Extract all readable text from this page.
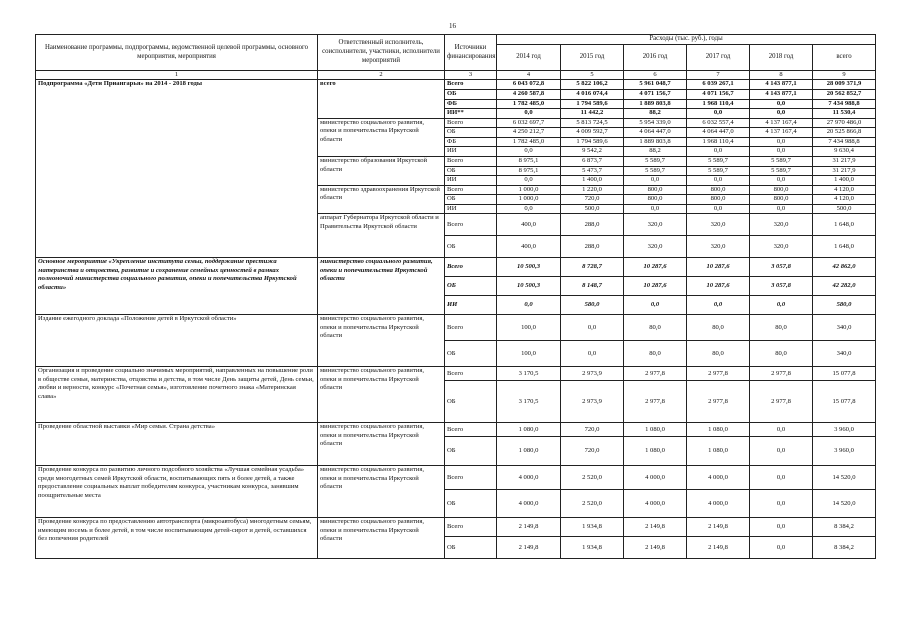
16
Наименование программы, подпрограммы, ведомственной целевой программы, основного мероприятия, мероприятия	Ответственный исполнитель, соисполнители, участники, исполнители мероприятий	Источники финансирования	Расходы (тыс. руб.), годы					
			2014 год	2015 год	2016 год	2017 год	2018 год	всего
1	2	3	4	5	6	7	8	9
Подпрограмма «Дети Приангарья» на 2014 - 2018 годы	всего	Всего	6 043 072,8	5 822 106,2	5 961 048,7	6 039 267,1	4 143 877,1	28 009 371,9
		ОБ	4 260 587,8	4 016 074,4	4 071 156,7	4 071 156,7	4 143 877,1	20 562 852,7
		ФБ	1 782 485,0	1 794 589,6	1 889 803,8	1 968 110,4	0,0	7 434 988,8
		ИИ**	0,0	11 442,2	88,2	0,0	0,0	11 530,4
	министерство социального развития, опеки и попечительства Иркутской области	Всего	6 032 697,7	5 813 724,5	5 954 339,0	6 032 557,4	4 137 167,4	27 970 486,0
		ОБ	4 250 212,7	4 009 592,7	4 064 447,0	4 064 447,0	4 137 167,4	20 525 866,8
		ФБ	1 782 485,0	1 794 589,6	1 889 803,8	1 968 110,4	0,0	7 434 988,8
		ИИ	0,0	9 542,2	88,2	0,0	0,0	9 630,4
	министерство образования Иркутской области	Всего	8 975,1	6 873,7	5 589,7	5 589,7	5 589,7	31 217,9
		ОБ	8 975,1	5 473,7	5 589,7	5 589,7	5 589,7	31 217,9
		ИИ	0,0	1 400,0	0,0	0,0	0,0	1 400,0
	министерство здравоохранения Иркутской области	Всего	1 000,0	1 220,0	800,0	800,0	800,0	4 120,0
		ОБ	1 000,0	720,0	800,0	800,0	800,0	4 120,0
		ИИ	0,0	500,0	0,0	0,0	0,0	500,0
	аппарат Губернатора Иркутской области и Правительства Иркутской области	Всего	400,0	288,0	320,0	320,0	320,0	1 648,0
		ОБ	400,0	288,0	320,0	320,0	320,0	1 648,0
Основное мероприятие «Укрепление института семьи, поддержание престижа материнства и отцовства, развитие и сохранение семейных ценностей в рамках полномочий министерства социального развития, опеки и попечительства Иркутской области»	министерство социального развития, опеки и попечительства Иркутской области	Всего	10 500,3	8 728,7	10 287,6	10 287,6	3 057,8	42 862,0
		ОБ	10 500,3	8 148,7	10 287,6	10 287,6	3 057,8	42 282,0
		ИИ	0,0	580,0	0,0	0,0	0,0	580,0
Издание ежегодного доклада «Положение детей в Иркутской области»	министерство социального развития, опеки и попечительства Иркутской области	Всего	100,0	0,0	80,0	80,0	80,0	340,0
		ОБ	100,0	0,0	80,0	80,0	80,0	340,0
Организация и проведение социально значимых мероприятий, направленных на повышение роли в обществе семьи, материнства, отцовства и детства, в том числе День защиты детей, День семьи, любви и верности, конкурс «Почетная семья», изготовление почетного знака «Материнская слава»	министерство социального развития, опеки и попечительства Иркутской области	Всего	3 170,5	2 973,9	2 977,8	2 977,8	2 977,8	15 077,8
		ОБ	3 170,5	2 973,9	2 977,8	2 977,8	2 977,8	15 077,8
Проведение областной выставки «Мир семьи. Страна детства»	министерство социального развития, опеки и попечительства Иркутской области	Всего	1 080,0	720,0	1 080,0	1 080,0	0,0	3 960,0
		ОБ	1 080,0	720,0	1 080,0	1 080,0	0,0	3 960,0
Проведение конкурса по развитию личного подсобного хозяйства «Лучшая семейная усадьба» среди многодетных семей Иркутской области, воспитывающих пять и более детей, а также предоставление социальных выплат победителям конкурса, участникам конкурса, занявшим поощрительные места	министерство социального развития, опеки и попечительства Иркутской области	Всего	4 000,0	2 520,0	4 000,0	4 000,0	0,0	14 520,0
		ОБ	4 000,0	2 520,0	4 000,0	4 000,0	0,0	14 520,0
Проведение конкурса по предоставлению автотранспорта (микроавтобуса) многодетным семьям, имеющим восемь и более детей, в том числе воспитывающим детей-сирот и детей, оставшихся без попечения родителей	министерство социального развития, опеки и попечительства Иркутской области	Всего	2 149,8	1 934,8	2 149,8	2 149,8	0,0	8 384,2
		ОБ	2 149,8	1 934,8	2 149,8	2 149,8	0,0	8 384,2
